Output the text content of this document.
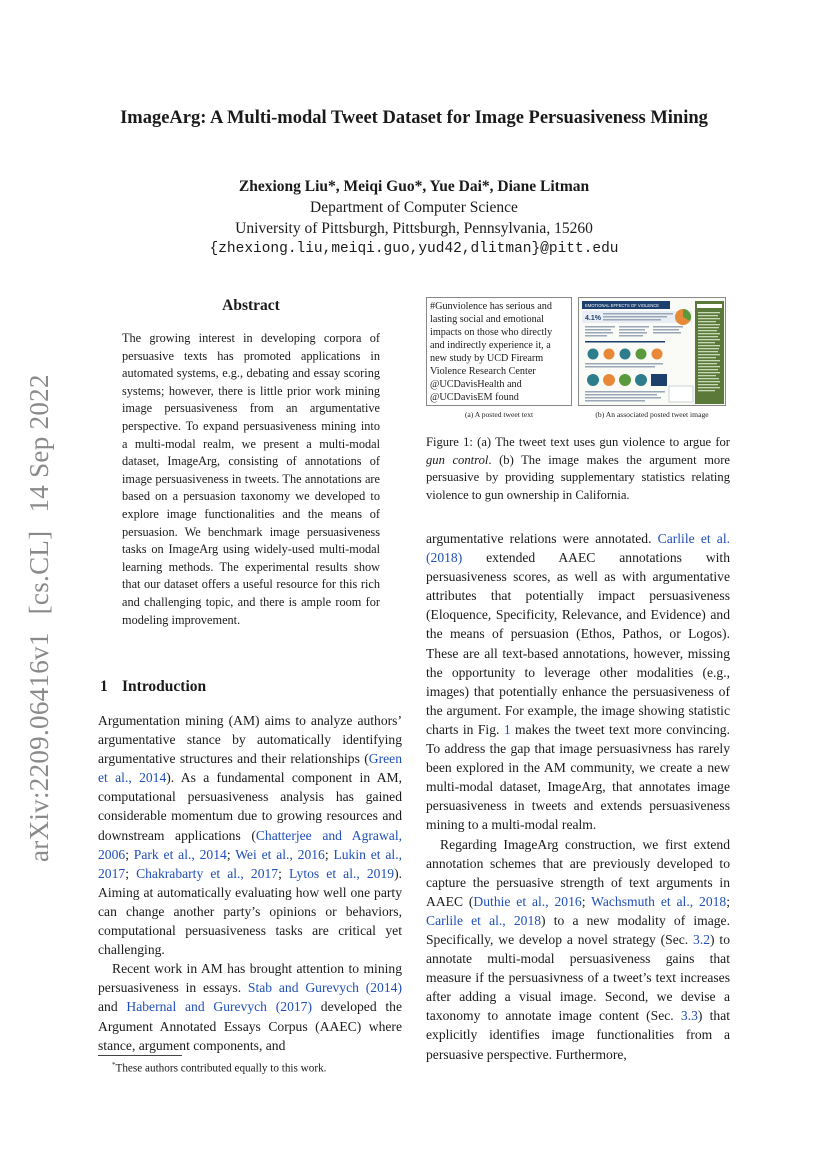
ImageArg: A Multi-modal Tweet Dataset for Image Persuasiveness Mining
Zhexiong Liu*, Meiqi Guo*, Yue Dai*, Diane Litman
Department of Computer Science
University of Pittsburgh, Pittsburgh, Pennsylvania, 15260
{zhexiong.liu,meiqi.guo,yud42,dlitman}@pitt.edu
arXiv:2209.06416v1[cs.CL]14 Sep 2022
Abstract
The growing interest in developing corpora of persuasive texts has promoted applications in automated systems, e.g., debating and essay scoring systems; however, there is little prior work mining image persuasiveness from an argumentative perspective. To expand persuasiveness mining into a multi-modal realm, we present a multi-modal dataset, ImageArg, consisting of annotations of image persuasiveness in tweets. The annotations are based on a persuasion taxonomy we developed to explore image functionalities and the means of persuasion. We benchmark image persuasiveness tasks on ImageArg using widely-used multi-modal learning methods. The experimental results show that our dataset offers a useful resource for this rich and challenging topic, and there is ample room for modeling improvement.
1 Introduction

Argumentation mining (AM) aims to analyze authors’ argumentative stance by automatically identifying argumentative structures and their relationships (Green et al., 2014). As a fundamental component in AM, computational persuasiveness analysis has gained considerable momentum due to growing resources and downstream applications (Chatterjee and Agrawal, 2006; Park et al., 2014; Wei et al., 2016; Lukin et al., 2017; Chakrabarty et al., 2017; Lytos et al., 2019). Aiming at automatically evaluating how well one party can change another party’s opinions or behaviors, computational persuasiveness tasks are critical yet challenging.

Recent work in AM has brought attention to mining persuasiveness in essays. Stab and Gurevych (2014) and Habernal and Gurevych (2017) developed the Argument Annotated Essays Corpus (AAEC) where stance, argument components, and

*These authors contributed equally to this work.
#Gunviolence has serious and lasting social and emotional impacts on those who directly and indirectly experience it, a new study by UCD Firearm Violence Research Center @UCDavisHealth and @UCDavisEM found
EMOTIONAL EFFECTS OF VIOLENCE
4.1%
(a) A posted tweet text	(b) An associated posted tweet image
Figure 1: (a) The tweet text uses gun violence to argue for gun control. (b) The image makes the argument more persuasive by providing supplementary statistics relating violence to gun ownership in California.

argumentative relations were annotated. Carlile et al. (2018) extended AAEC annotations with persuasiveness scores, as well as with argumentative attributes that potentially impact persuasiveness (Eloquence, Specificity, Relevance, and Evidence) and the means of persuasion (Ethos, Pathos, or Logos). These are all text-based annotations, however, missing the opportunity to leverage other modalities (e.g., images) that potentially enhance the persuasiveness of the argument. For example, the image showing statistic charts in Fig. 1 makes the tweet text more convincing. To address the gap that image persuasivness has rarely been explored in the AM community, we create a new multi-modal dataset, ImageArg, that annotates image persuasiveness in tweets and extends persuasiveness mining to a multi-modal realm.

Regarding ImageArg construction, we first extend annotation schemes that are previously developed to capture the persuasive strength of text arguments in AAEC (Duthie et al., 2016; Wachsmuth et al., 2018; Carlile et al., 2018) to a new modality of image. Specifically, we develop a novel strategy (Sec. 3.2) to annotate multi-modal persuasiveness gains that measure if the persuasivness of a tweet’s text increases after adding a visual image. Second, we devise a taxonomy to annotate image content (Sec. 3.3) that explicitly identifies image functionalities from a persuasive perspective. Furthermore,
